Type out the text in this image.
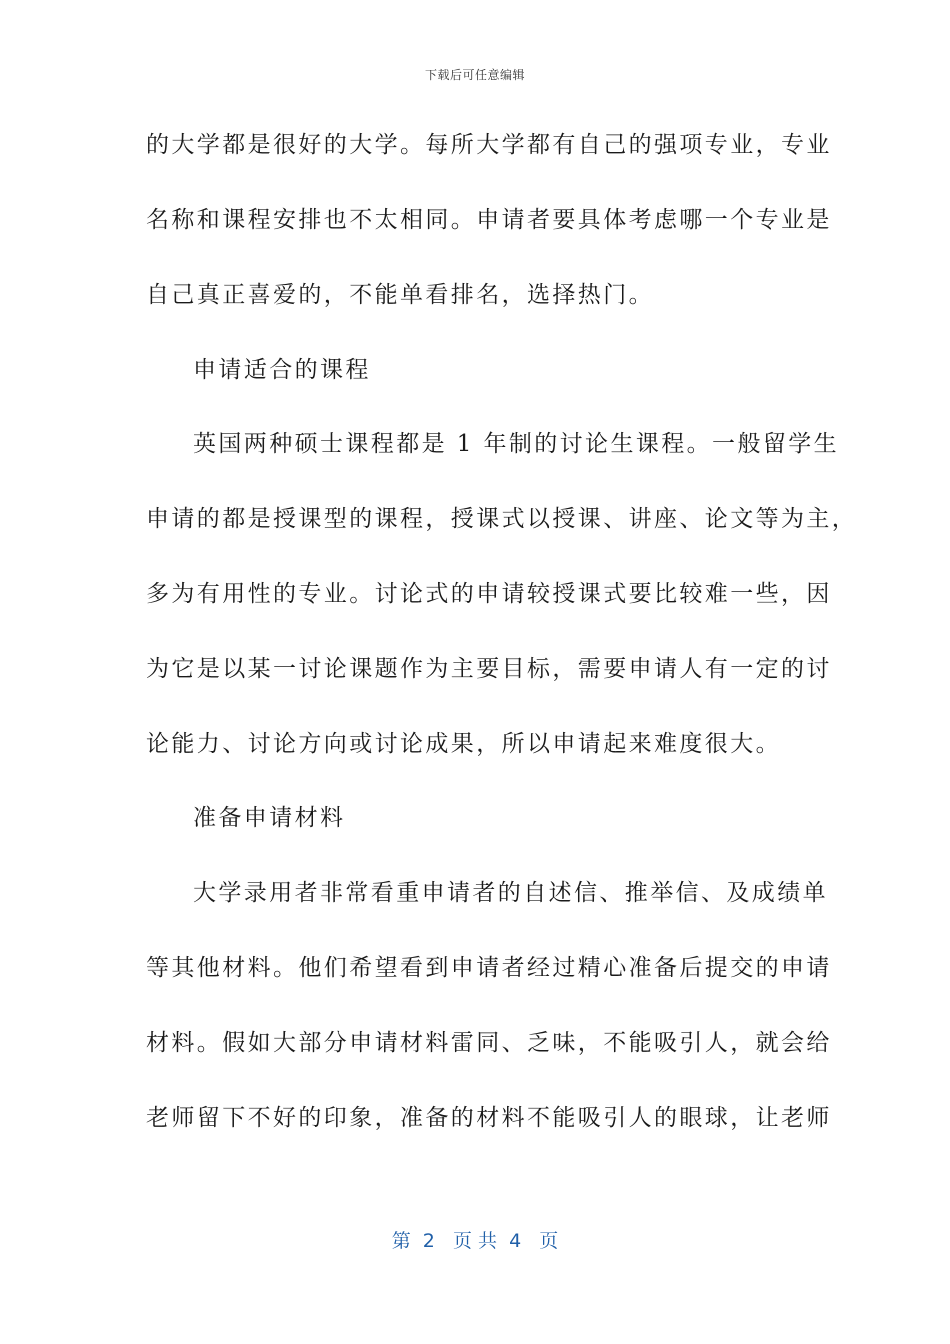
下载后可任意编辑
的大学都是很好的大学。每所大学都有自己的强项专业，专业
名称和课程安排也不太相同。申请者要具体考虑哪一个专业是
自己真正喜爱的，不能单看排名，选择热门。
申请适合的课程
英国两种硕士课程都是 1 年制的讨论生课程。一般留学生
申请的都是授课型的课程，授课式以授课、讲座、论文等为主，
多为有用性的专业。讨论式的申请较授课式要比较难一些，因
为它是以某一讨论课题作为主要目标，需要申请人有一定的讨
论能力、讨论方向或讨论成果，所以申请起来难度很大。
准备申请材料
大学录用者非常看重申请者的自述信、推举信、及成绩单
等其他材料。他们希望看到申请者经过精心准备后提交的申请
材料。假如大部分申请材料雷同、乏味，不能吸引人，就会给
老师留下不好的印象，准备的材料不能吸引人的眼球，让老师
第  2   页 共  4   页
